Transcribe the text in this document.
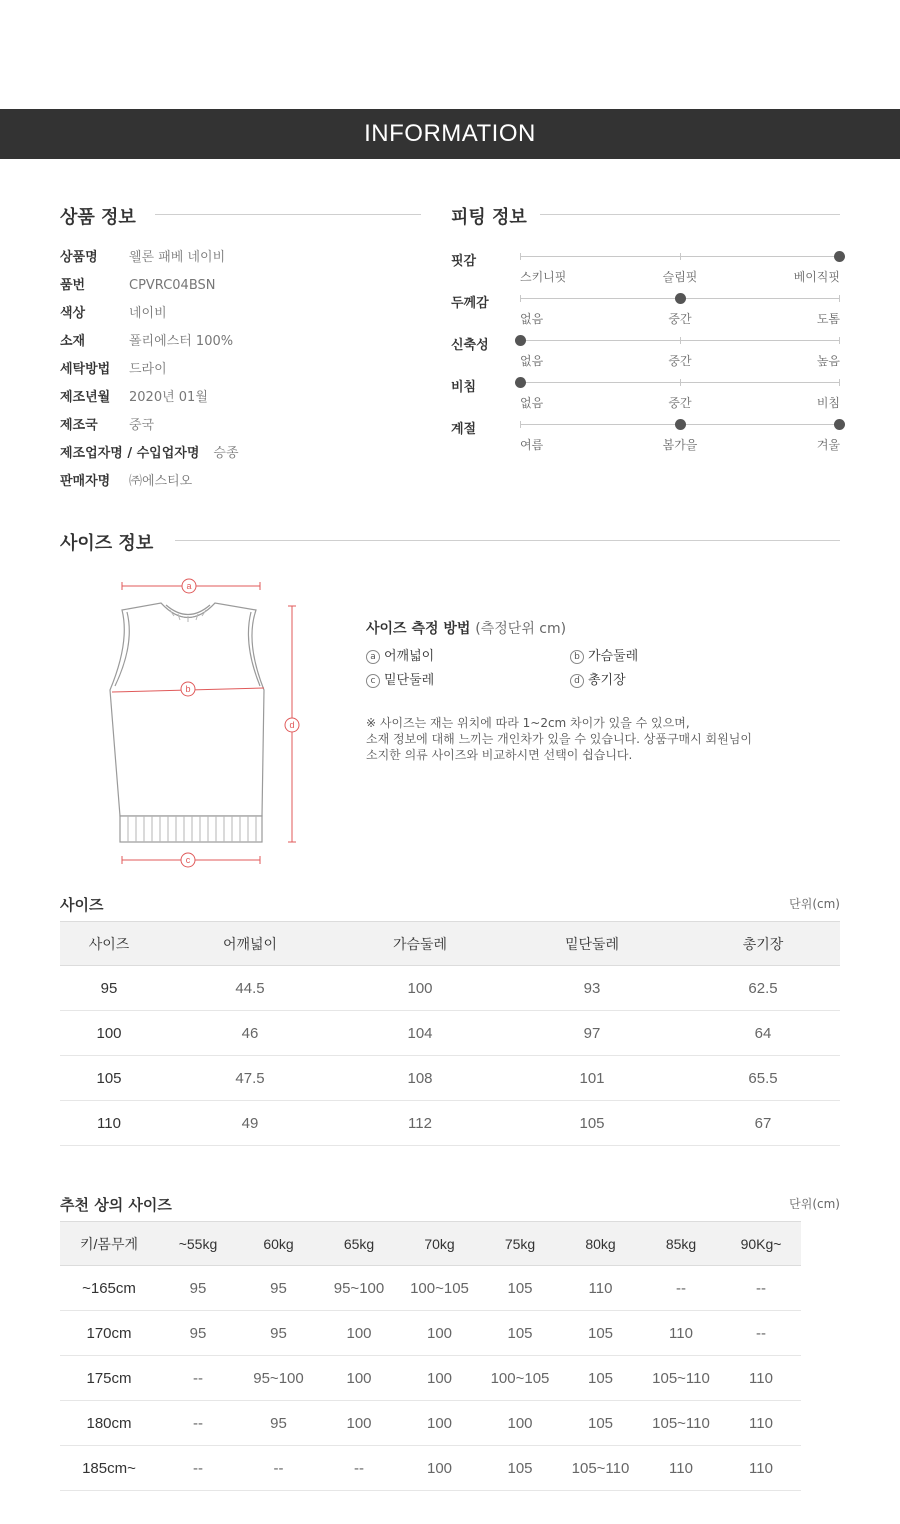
INFORMATION
상품 정보
상품명 웰론 패베 네이비
품번	CPVRC04BSN
색상	네이비
소재	폴리에스터 100%
세탁방법 드라이
제조년월 2020년 01월
제조국 중국
제조업자명 / 수입업자명 승종
판매자명 ㈜에스티오
피팅 정보
핏감
스키니핏	슬림핏	베이직핏
두께감
없음	중간	도톰
신축성
없음	중간	높음
비침
없음	중간	비침
계절
여름	봄가을	겨울
사이즈 정보
a
b
c
d
사이즈 측정 방법 (측정단위 cm)
a 어깨넓이	b 가슴둘레
c 밑단둘레	d 총기장
※ 사이즈는 재는 위치에 따라 1~2cm 차이가 있을 수 있으며,
소재 정보에 대해 느끼는 개인차가 있을 수 있습니다. 상품구매시 회원님이
소지한 의류 사이즈와 비교하시면 선택이 쉽습니다.
사이즈	단위(cm)
사이즈	어깨넓이	가슴둘레	밑단둘레	총기장
95	44.5	100	93	62.5
100	46	104	97	64
105	47.5	108	101	65.5
110	49	112	105	67
추천 상의 사이즈	단위(cm)
키/몸무게	~55kg	60kg	65kg	70kg	75kg	80kg	85kg	90Kg~
~165cm	95	95	95~100	100~105	105	110	--	--
170cm	95	95	100	100	105	105	110	--
175cm	--	95~100	100	100	100~105	105	105~110	110
180cm	--	95	100	100	100	105	105~110	110
185cm~	--	--	--	100	105	105~110	110	110
